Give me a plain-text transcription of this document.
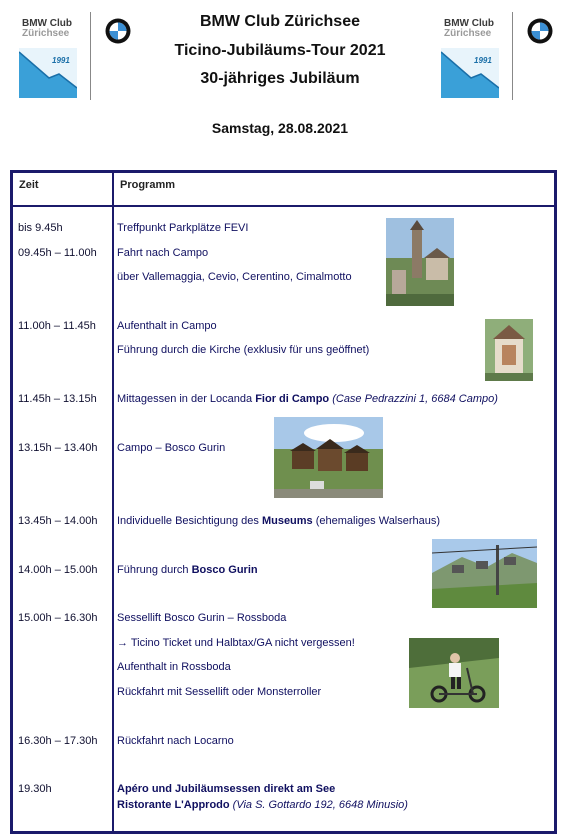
BMW Club
Zürichsee
1991
BMW Club
Zürichsee
1991
BMW Club Zürichsee
Ticino-Jubiläums-Tour 2021
30-jähriges Jubiläum
Samstag, 28.08.2021
Zeit	Programm
bis 9.45h	Treffpunkt Parkplätze FEVI
09.45h – 11.00h Fahrt nach Campo
über Vallemaggia, Cevio, Cerentino, Cimalmotto
11.00h – 11.45h Aufenthalt in Campo
Führung durch die Kirche (exklusiv für uns geöffnet)
11.45h – 13.15h Mittagessen in der Locanda Fior di Campo (Case Pedrazzini 1, 6684 Campo)
13.15h – 13.40h Campo – Bosco Gurin
13.45h – 14.00h Individuelle Besichtigung des Museums (ehemaliges Walserhaus)
14.00h – 15.00h Führung durch Bosco Gurin
15.00h – 16.30h Sessellift Bosco Gurin – Rossboda
→ Ticino Ticket und Halbtax/GA nicht vergessen!
Aufenthalt in Rossboda
Rückfahrt mit Sessellift oder Monsterroller
16.30h – 17.30h Rückfahrt nach Locarno
19.30h	Apéro und Jubiläumsessen direkt am See
Ristorante L'Approdo (Via S. Gottardo 192, 6648 Minusio)
